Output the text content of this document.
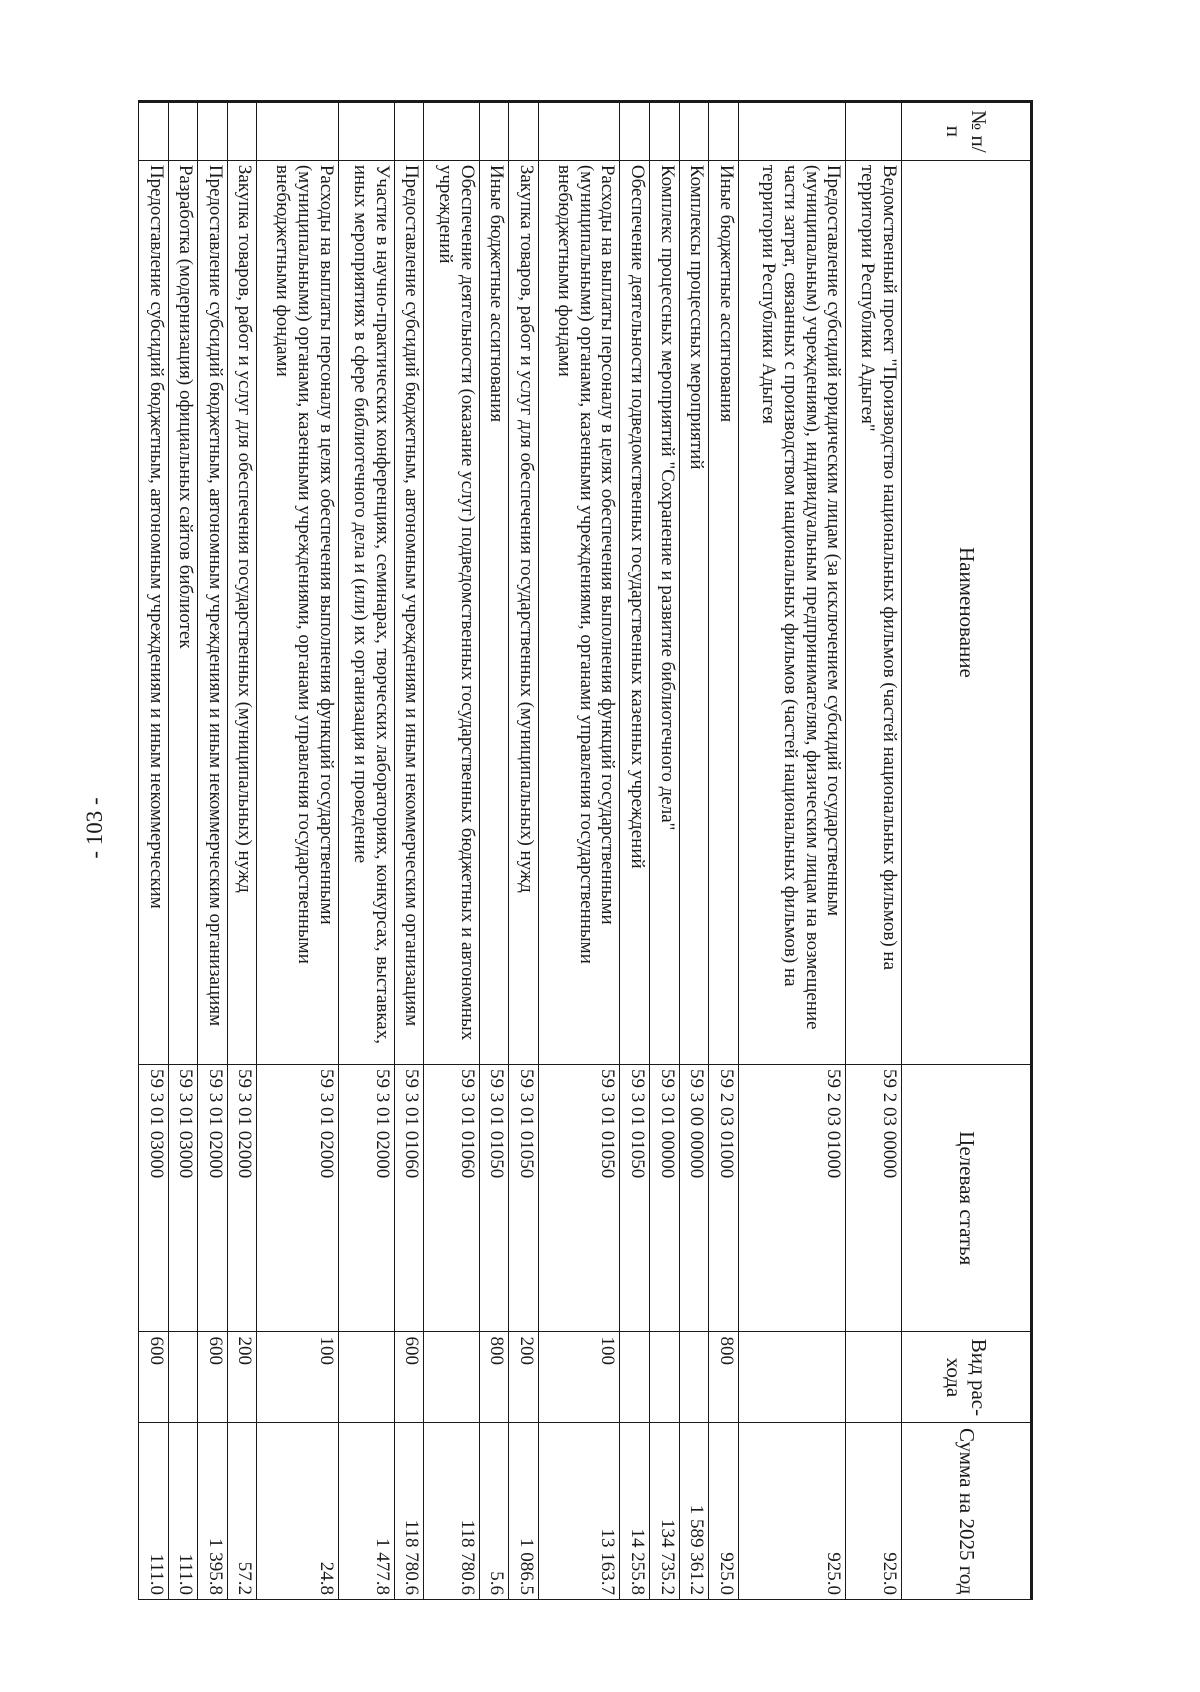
- 103 -
№ п/п	Наименование	Целевая статья	Вид рас-хода	Сумма на 2025 год
	Ведомственный проект "Производство национальных фильмов (частей национальных фильмов) на территории Республики Адыгея"	59 2 03 00000		925.0
	Предоставление субсидий юридическим лицам (за исключением субсидий государственным (муниципальным) учреждениям), индивидуальным предпринимателям, физическим лицам на возмещение части затрат, связанных с производством национальных фильмов (частей национальных фильмов) на территории Республики Адыгея	59 2 03 01000		925.0
	Иные бюджетные ассигнования	59 2 03 01000	800	925.0
	Комплексы процессных мероприятий	59 3 00 00000		1 589 361.2
	Комплекс процессных мероприятий "Сохранение и развитие библиотечного дела"	59 3 01 00000		134 735.2
	Обеспечение деятельности подведомственных государственных казенных учреждений	59 3 01 01050		14 255.8
	Расходы на выплаты персоналу в целях обеспечения выполнения функций государственными (муниципальными) органами, казенными учреждениями, органами управления государственными внебюджетными фондами	59 3 01 01050	100	13 163.7
	Закупка товаров, работ и услуг для обеспечения государственных (муниципальных) нужд	59 3 01 01050	200	1 086.5
	Иные бюджетные ассигнования	59 3 01 01050	800	5.6
	Обеспечение деятельности (оказание услуг) подведомственных государственных бюджетных и автономных учреждений	59 3 01 01060		118 780.6
	Предоставление субсидий бюджетным, автономным учреждениям и иным некоммерческим организациям	59 3 01 01060	600	118 780.6
	Участие в научно-практических конференциях, семинарах, творческих лабораториях, конкурсах, выставках, иных мероприятиях в сфере библиотечного дела и (или) их организация и проведение	59 3 01 02000		1 477.8
	Расходы на выплаты персоналу в целях обеспечения выполнения функций государственными (муниципальными) органами, казенными учреждениями, органами управления государственными внебюджетными фондами	59 3 01 02000	100	24.8
	Закупка товаров, работ и услуг для обеспечения государственных (муниципальных) нужд	59 3 01 02000	200	57.2
	Предоставление субсидий бюджетным, автономным учреждениям и иным некоммерческим организациям	59 3 01 02000	600	1 395.8
	Разработка (модернизация) официальных сайтов библиотек	59 3 01 03000		111.0
	Предоставление субсидий бюджетным, автономным учреждениям и иным некоммерческим	59 3 01 03000	600	111.0
